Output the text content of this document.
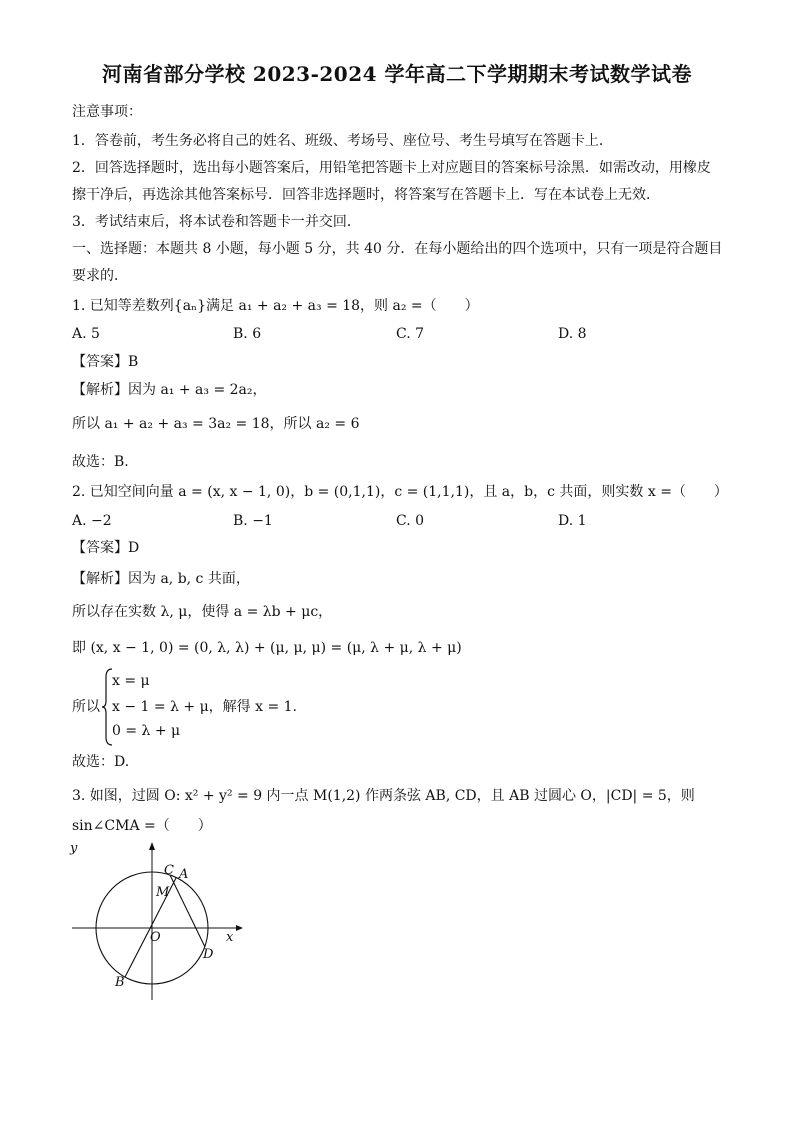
河南省部分学校 2023-2024 学年高二下学期期末考试数学试卷
注意事项：
1．答卷前，考生务必将自己的姓名、班级、考场号、座位号、考生号填写在答题卡上．
2．回答选择题时，选出每小题答案后，用铅笔把答题卡上对应题目的答案标号涂黑．如需改动，用橡皮
擦干净后，再选涂其他答案标号．回答非选择题时，将答案写在答题卡上．写在本试卷上无效．
3．考试结束后，将本试卷和答题卡一并交回．
一、选择题：本题共 8 小题，每小题 5 分，共 40 分．在每小题给出的四个选项中，只有一项是符合题目
要求的．
1. 已知等差数列{aₙ}满足 a₁ + a₂ + a₃ = 18，则 a₂ =（　　）
A. 5	B. 6	C. 7	D. 8
【答案】B
【解析】因为 a₁ + a₃ = 2a₂，
所以 a₁ + a₂ + a₃ = 3a₂ = 18，所以 a₂ = 6
故选：B.
2. 已知空间向量 a = (x, x − 1, 0)，b = (0,1,1)，c = (1,1,1)，且 a，b，c 共面，则实数 x =（　　）
A. −2	B. −1	C. 0	D. 1
【答案】D
【解析】因为 a, b, c 共面，
所以存在实数 λ, μ，使得 a = λb + μc，
即 (x, x − 1, 0) = (0, λ, λ) + (μ, μ, μ) = (μ, λ + μ, λ + μ)
所以
x = μ
x − 1 = λ + μ，解得 x = 1.
0 = λ + μ
故选：D.
3. 如图，过圆 O: x² + y² = 9 内一点 M(1,2) 作两条弦 AB, CD，且 AB 过圆心 O，|CD| = 5，则
sin∠CMA =（　　）
y
x
C A
M
O
D
B
